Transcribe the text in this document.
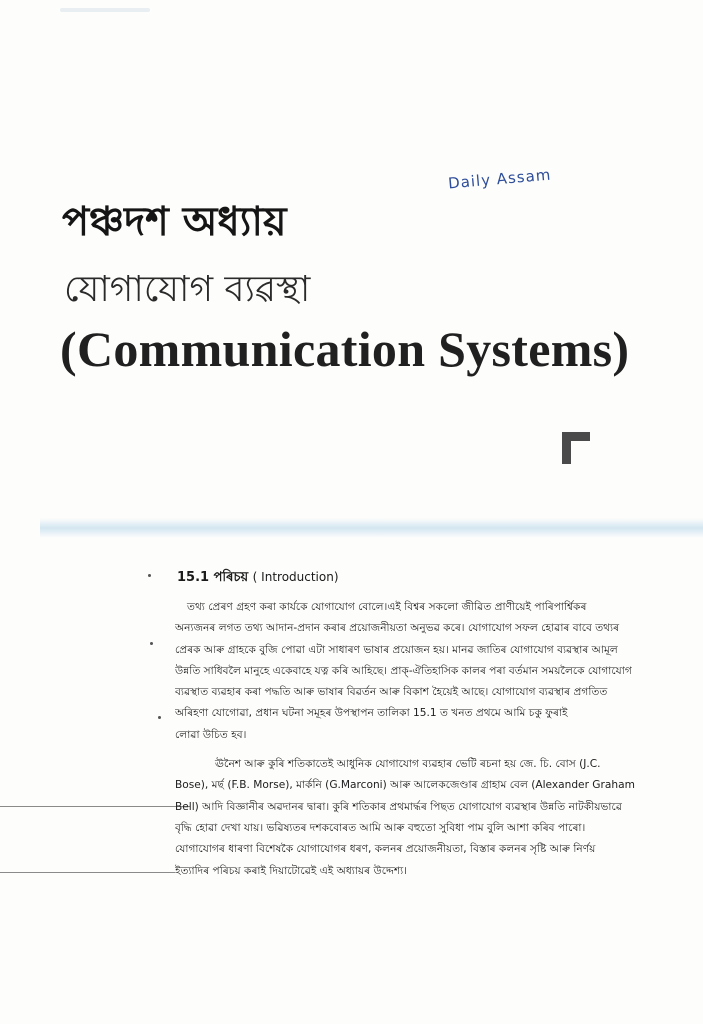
Daily Assam
পঞ্চদশ অধ্যায়
যোগাযোগ ব্যৱস্থা
(Communication Systems)
15.1 পৰিচয় ( Introduction)
তথ্য প্ৰেৰণ গ্ৰহণ কৰা কাৰ্যকে যোগাযোগ বোলে।এই বিশ্বৰ সকলো জীৱিত প্ৰাণীয়েই পাৰিপাৰ্শ্বিকৰ
অন্যজনৰ লগত তথ্য আদান-প্ৰদান কৰাৰ প্ৰয়োজনীয়তা অনুভৱ কৰে। যোগাযোগ সফল হোৱাৰ বাবে তথ্যৰ
প্ৰেৰক আৰু গ্ৰাহকে বুজি পোৱা এটা সাধাৰণ ভাষাৰ প্ৰয়োজন হয়। মানৱ জাতিৰ যোগাযোগ ব্যৱস্থাৰ আমূল
উন্নতি সাধিবলৈ মানুহে একেবাহে যত্ন কৰি আহিছে। প্ৰাক্-ঐতিহাসিক কালৰ পৰা বৰ্তমান সময়লৈকে যোগাযোগ
ব্যৱস্থাত ব্যৱহাৰ কৰা পদ্ধতি আৰু ভাষাৰ বিৱৰ্তন আৰু বিকাশ হৈয়েই আছে। যোগাযোগ ব্যৱস্থাৰ প্ৰগতিত
অৰিহণা যোগোৱা, প্ৰধান ঘটনা সমূহৰ উপস্থাপন তালিকা 15.1 ত খনত প্ৰথমে আমি চকু ফুৰাই
লোৱা উচিত হব।
ঊনৈশ আৰু কুৰি শতিকাতেই আধুনিক যোগাযোগ ব্যৱহাৰ ভেটি ৰচনা হয় জে. চি. বোস (J.C.
Bose), মৰ্ছ (F.B. Morse), মাৰ্কনি (G.Marconi) আৰু আলেকজেণ্ডাৰ গ্ৰাহাম বেল (Alexander Graham
Bell) আদি বিজ্ঞানীৰ অৱদানৰ দ্বাৰা। কুৰি শতিকাৰ প্ৰথমাৰ্দ্ধৰ পিছত যোগাযোগ ব্যৱস্থাৰ উন্নতি নাটকীয়ভাৱে
বৃদ্ধি হোৱা দেখা যায়। ভৱিষ্যতৰ দশকবোৰত আমি আৰু বহুতো সুবিধা পাম বুলি আশা কৰিব পাৰো।
যোগাযোগৰ ধাৰণা বিশেষকৈ যোগাযোগৰ ধৰণ, কলনৰ প্ৰয়োজনীয়তা, বিস্তাৰ কলনৰ সৃষ্টি আৰু নিৰ্ণয়
ইত্যাদিৰ পৰিচয় কৰাই দিয়াটোৱেই এই অধ্যায়ৰ উদ্দেশ্য।
